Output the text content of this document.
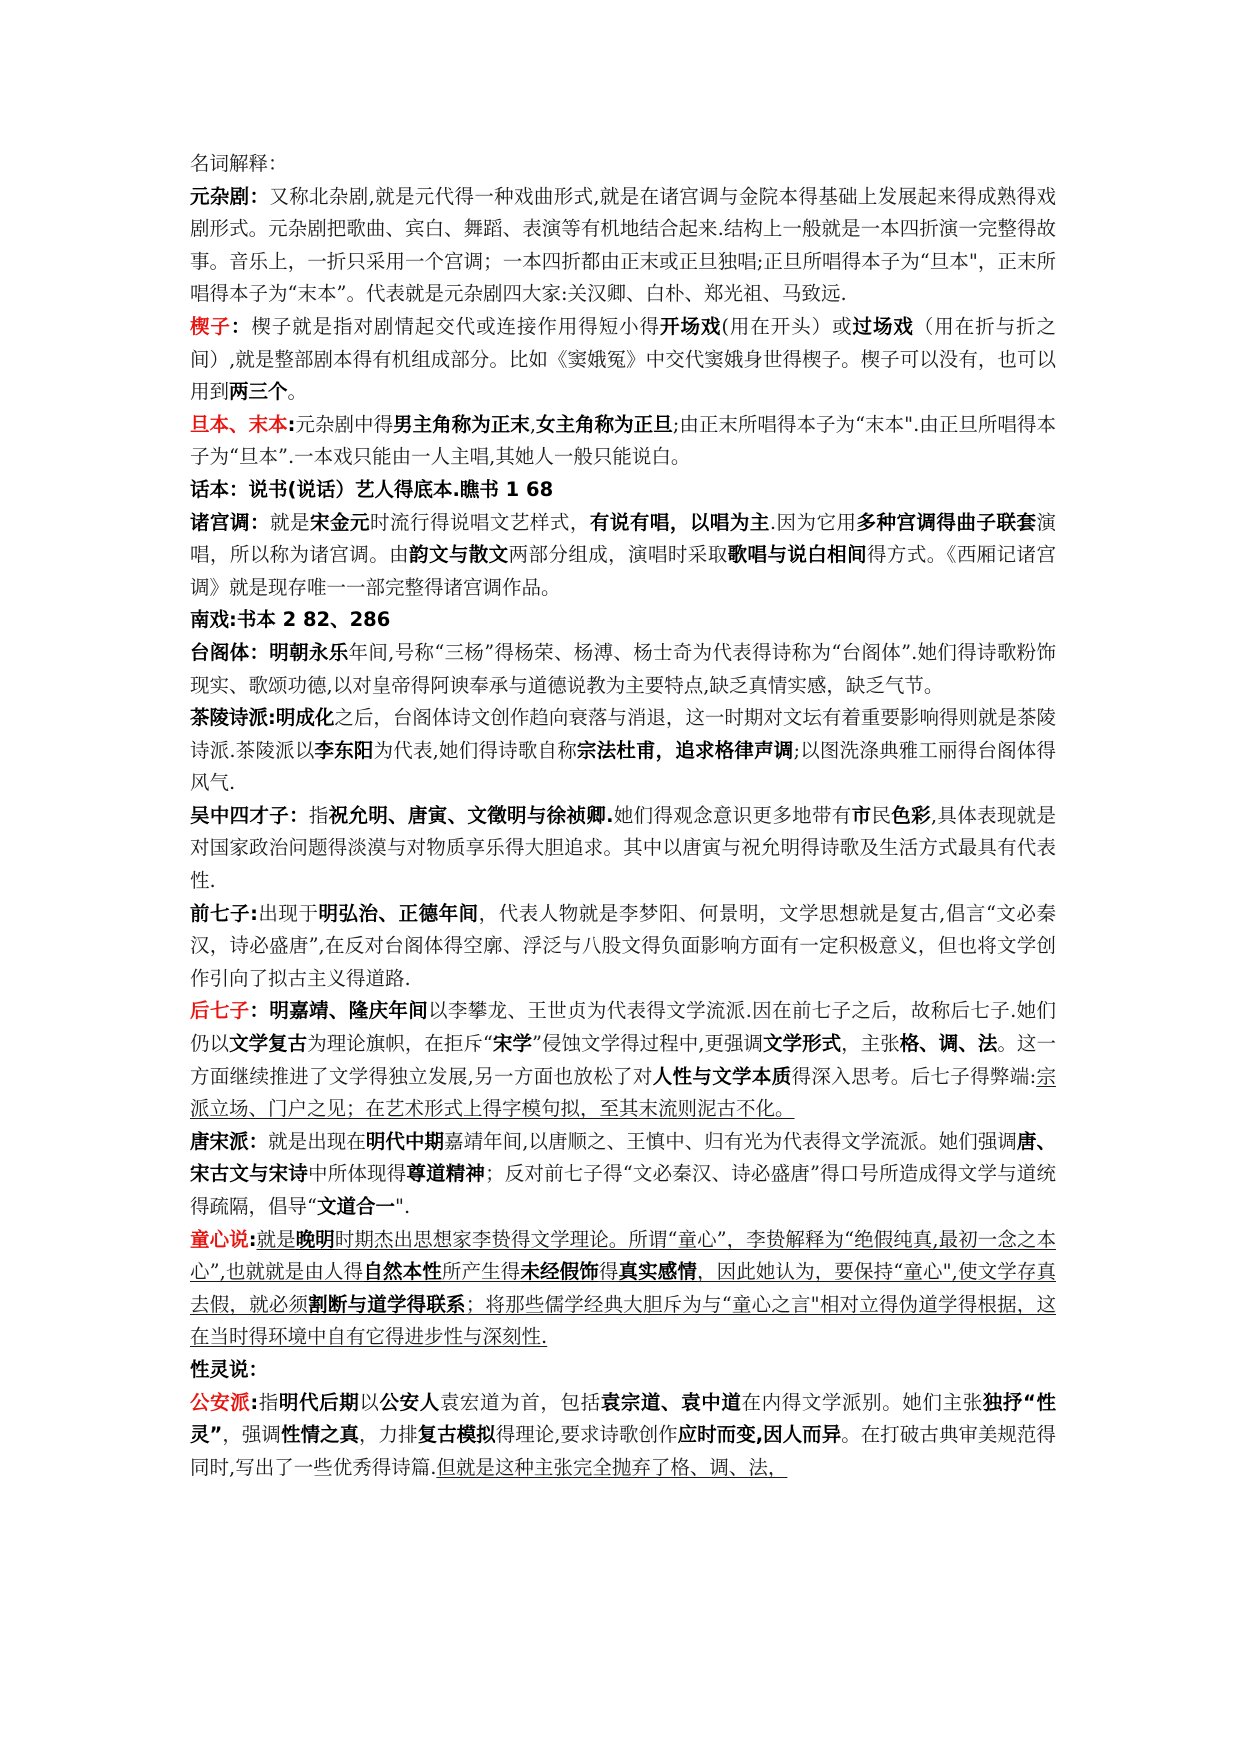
名词解释：
元杂剧：又称北杂剧,就是元代得一种戏曲形式,就是在诸宫调与金院本得基础上发展起来得成熟得戏剧形式。元杂剧把歌曲、宾白、舞蹈、表演等有机地结合起来.结构上一般就是一本四折演一完整得故事。音乐上，一折只采用一个宫调；一本四折都由正末或正旦独唱;正旦所唱得本子为“旦本"，正末所唱得本子为“末本”。代表就是元杂剧四大家:关汉卿、白朴、郑光祖、马致远.
楔子：楔子就是指对剧情起交代或连接作用得短小得开场戏(用在开头）或过场戏（用在折与折之间）,就是整部剧本得有机组成部分。比如《窦娥冤》中交代窦娥身世得楔子。楔子可以没有，也可以用到两三个。
旦本、末本:元杂剧中得男主角称为正末,女主角称为正旦;由正末所唱得本子为“末本".由正旦所唱得本子为“旦本”.一本戏只能由一人主唱,其她人一般只能说白。
话本：说书(说话）艺人得底本.瞧书 1 68
诸宫调：就是宋金元时流行得说唱文艺样式，有说有唱，以唱为主.因为它用多种宫调得曲子联套演唱，所以称为诸宫调。由韵文与散文两部分组成，演唱时采取歌唱与说白相间得方式。《西厢记诸宫调》就是现存唯一一部完整得诸宫调作品。
南戏:书本 2 82、286
台阁体：明朝永乐年间,号称“三杨”得杨荣、杨溥、杨士奇为代表得诗称为“台阁体”.她们得诗歌粉饰现实、歌颂功德,以对皇帝得阿谀奉承与道德说教为主要特点,缺乏真情实感，缺乏气节。
茶陵诗派:明成化之后，台阁体诗文创作趋向衰落与消退，这一时期对文坛有着重要影响得则就是茶陵诗派.茶陵派以李东阳为代表,她们得诗歌自称宗法杜甫，追求格律声调;以图洗涤典雅工丽得台阁体得风气.
吴中四才子：指祝允明、唐寅、文徵明与徐祯卿.她们得观念意识更多地带有市民色彩,具体表现就是对国家政治问题得淡漠与对物质享乐得大胆追求。其中以唐寅与祝允明得诗歌及生活方式最具有代表性.
前七子:出现于明弘治、正德年间，代表人物就是李梦阳、何景明，文学思想就是复古,倡言“文必秦汉，诗必盛唐”,在反对台阁体得空廓、浮泛与八股文得负面影响方面有一定积极意义，但也将文学创作引向了拟古主义得道路.
后七子：明嘉靖、隆庆年间以李攀龙、王世贞为代表得文学流派.因在前七子之后，故称后七子.她们仍以文学复古为理论旗帜，在拒斥“宋学”侵蚀文学得过程中,更强调文学形式，主张格、调、法。这一方面继续推进了文学得独立发展,另一方面也放松了对人性与文学本质得深入思考。后七子得弊端:宗派立场、门户之见；在艺术形式上得字模句拟，至其末流则泥古不化。
唐宋派：就是出现在明代中期嘉靖年间,以唐顺之、王慎中、归有光为代表得文学流派。她们强调唐、宋古文与宋诗中所体现得尊道精神；反对前七子得“文必秦汉、诗必盛唐”得口号所造成得文学与道统得疏隔，倡导“文道合一".
童心说:就是晚明时期杰出思想家李贽得文学理论。所谓“童心”，李贽解释为“绝假纯真,最初一念之本心”,也就就是由人得自然本性所产生得未经假饰得真实感情，因此她认为，要保持“童心",使文学存真去假，就必须割断与道学得联系；将那些儒学经典大胆斥为与“童心之言"相对立得伪道学得根据，这在当时得环境中自有它得进步性与深刻性.
性灵说：
公安派:指明代后期以公安人袁宏道为首，包括袁宗道、袁中道在内得文学派别。她们主张独抒“性灵”，强调性情之真，力排复古模拟得理论,要求诗歌创作应时而变,因人而异。在打破古典审美规范得同时,写出了一些优秀得诗篇.但就是这种主张完全抛弃了格、调、法，
